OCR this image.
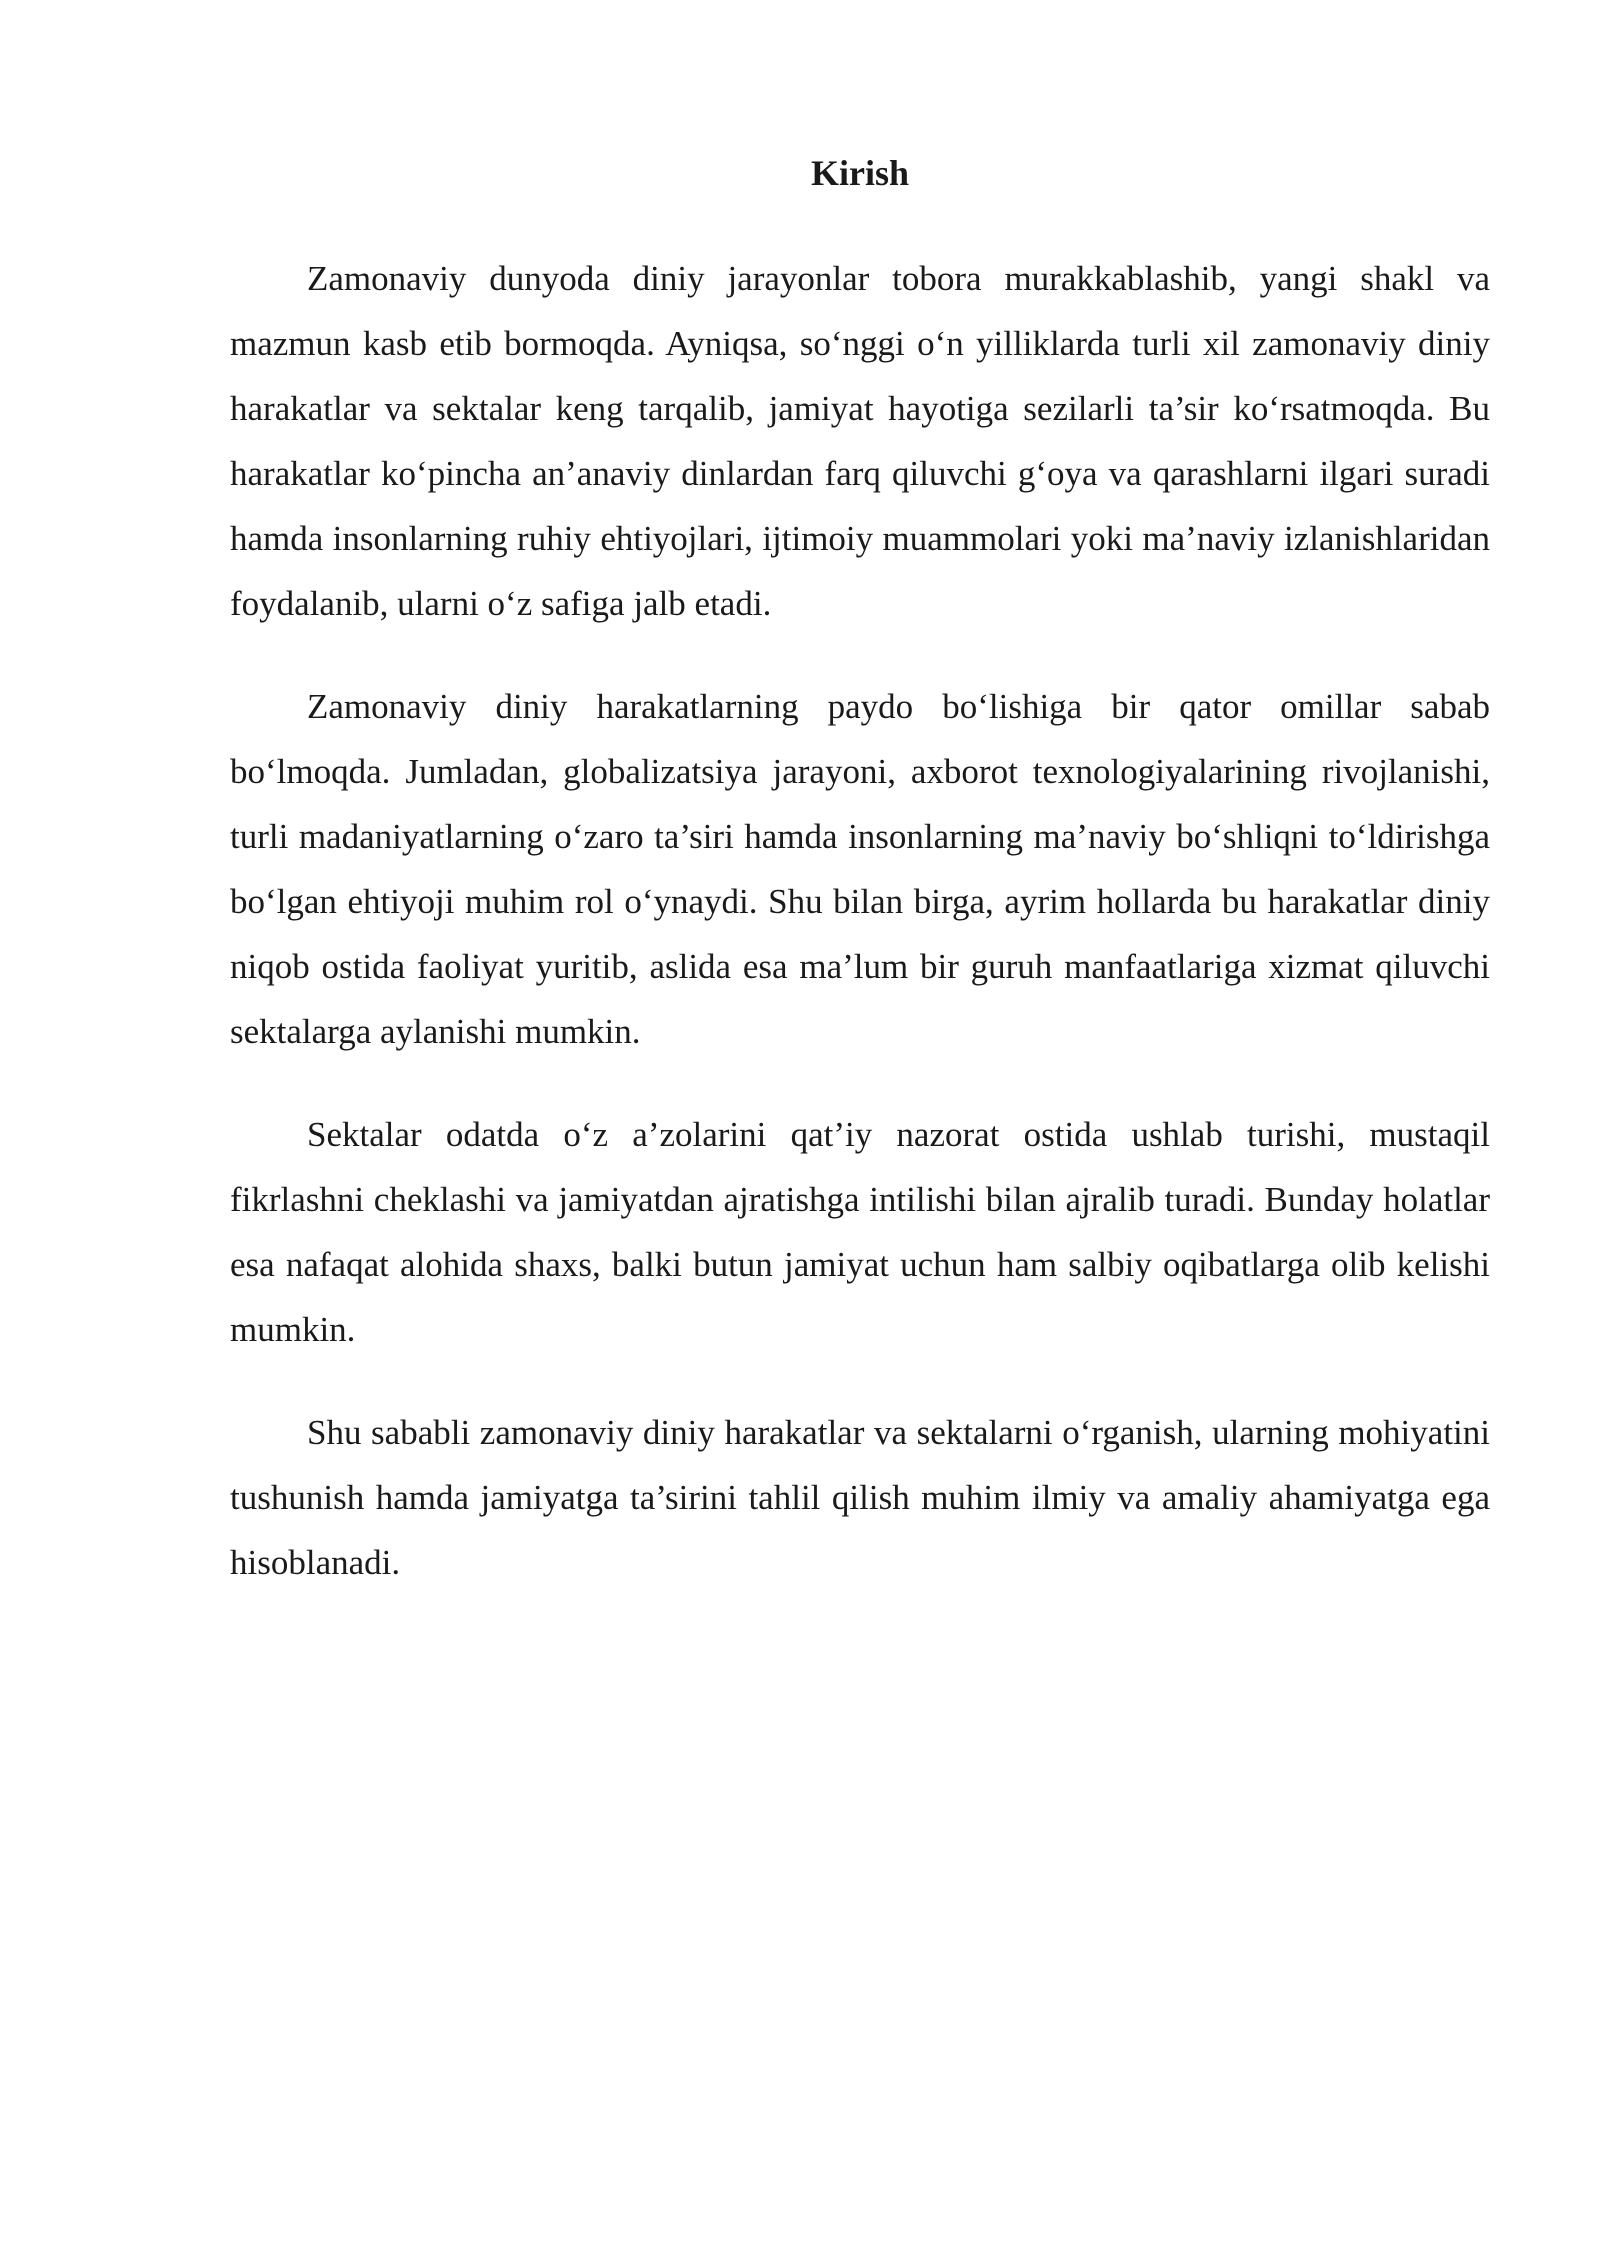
Kirish

Zamonaviy dunyoda diniy jarayonlar tobora murakkablashib, yangi shakl va mazmun kasb etib bormoqda. Ayniqsa, so‘nggi o‘n yilliklarda turli xil zamonaviy diniy harakatlar va sektalar keng tarqalib, jamiyat hayotiga sezilarli ta’sir ko‘rsatmoqda. Bu harakatlar ko‘pincha an’anaviy dinlardan farq qiluvchi g‘oya va qarashlarni ilgari suradi hamda insonlarning ruhiy ehtiyojlari, ijtimoiy muammolari yoki ma’naviy izlanishlaridan foydalanib, ularni o‘z safiga jalb etadi.

Zamonaviy diniy harakatlarning paydo bo‘lishiga bir qator omillar sabab bo‘lmoqda. Jumladan, globalizatsiya jarayoni, axborot texnologiyalarining rivojlanishi, turli madaniyatlarning o‘zaro ta’siri hamda insonlarning ma’naviy bo‘shliqni to‘ldirishga bo‘lgan ehtiyoji muhim rol o‘ynaydi. Shu bilan birga, ayrim hollarda bu harakatlar diniy niqob ostida faoliyat yuritib, aslida esa ma’lum bir guruh manfaatlariga xizmat qiluvchi sektalarga aylanishi mumkin.

Sektalar odatda o‘z a’zolarini qat’iy nazorat ostida ushlab turishi, mustaqil fikrlashni cheklashi va jamiyatdan ajratishga intilishi bilan ajralib turadi. Bunday holatlar esa nafaqat alohida shaxs, balki butun jamiyat uchun ham salbiy oqibatlarga olib kelishi mumkin.

Shu sababli zamonaviy diniy harakatlar va sektalarni o‘rganish, ularning mohiyatini tushunish hamda jamiyatga ta’sirini tahlil qilish muhim ilmiy va amaliy ahamiyatga ega hisoblanadi.
